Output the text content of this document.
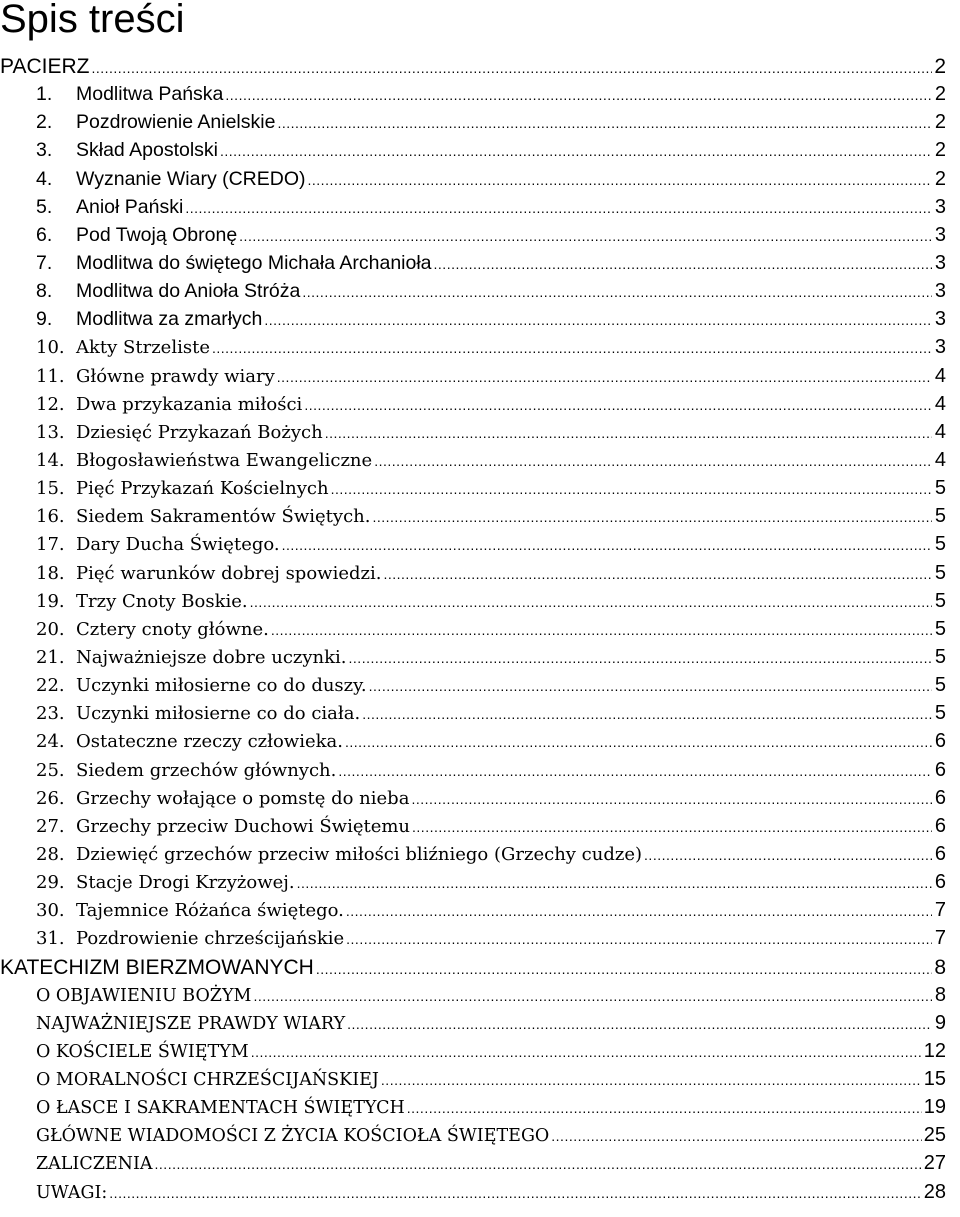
Spis treści
PACIERZ .....	2
1.	Modlitwa Pańska .....	2
2.	Pozdrowienie Anielskie .....	2
3.	Skład Apostolski .....	2
4.	Wyznanie Wiary (CREDO) .....	2
5.	Anioł Pański .....	3
6.	Pod Twoją Obronę .....	3
7.	Modlitwa do świętego Michała Archanioła .....	3
8.	Modlitwa do Anioła Stróża .....	3
9.	Modlitwa za zmarłych .....	3
10. Akty Strzeliste .....	3
11. Główne prawdy wiary .....	4
12. Dwa przykazania miłości .....	4
13. Dziesięć Przykazań Bożych .....	4
14. Błogosławieństwa Ewangeliczne .....	4
15. Pięć Przykazań Kościelnych .....	5
16. Siedem Sakramentów Świętych. .....	5
17. Dary Ducha Świętego. .....	5
18. Pięć warunków dobrej spowiedzi. .....	5
19. Trzy Cnoty Boskie. .....	5
20. Cztery cnoty główne. .....	5
21. Najważniejsze dobre uczynki. .....	5
22. Uczynki miłosierne co do duszy. .....	5
23. Uczynki miłosierne co do ciała. .....	5
24. Ostateczne rzeczy człowieka. .....	6
25. Siedem grzechów głównych. .....	6
26. Grzechy wołające o pomstę do nieba .....	6
27. Grzechy przeciw Duchowi Świętemu .....	6
28. Dziewięć grzechów przeciw miłości bliźniego (Grzechy cudze) .....	6
29. Stacje Drogi Krzyżowej. .....	6
30. Tajemnice Różańca świętego. .....	7
31. Pozdrowienie chrześcijańskie .....	7
KATECHIZM BIERZMOWANYCH .....	8
O OBJAWIENIU BOŻYM .....	8
NAJWAŻNIEJSZE PRAWDY WIARY .....	9
O KOŚCIELE ŚWIĘTYM .....	12
O MORALNOŚCI CHRZEŚCIJAŃSKIEJ .....	15
O ŁASCE I SAKRAMENTACH ŚWIĘTYCH .....	19
GŁÓWNE WIADOMOŚCI Z ŻYCIA KOŚCIOŁA ŚWIĘTEGO .....	25
ZALICZENIA .....	27
UWAGI: .....	28
